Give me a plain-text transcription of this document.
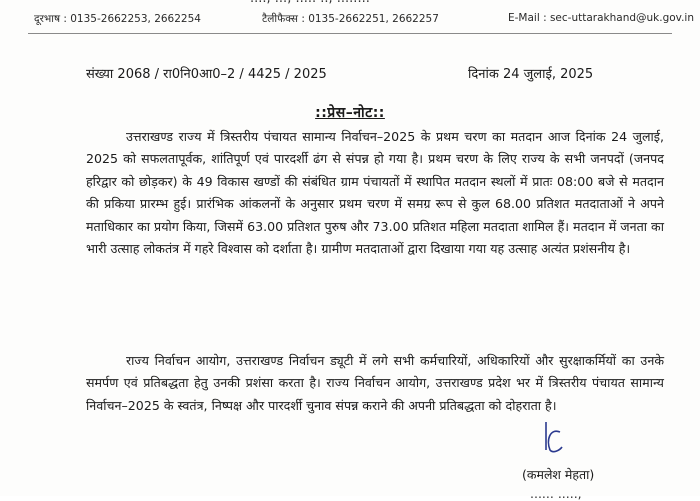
दूरभाष : 0135-2662253, 2662254	टैलीफैक्स : 0135-2662251, 2662257	E-Mail : sec-uttarakhand@uk.gov.in
संख्या 2068 / रा0नि0आ0–2 / 4425 / 2025	दिनांक 24 जुलाई, 2025
::प्रेस–नोट::

उत्तराखण्ड राज्य में त्रिस्तरीय पंचायत सामान्य निर्वाचन–2025 के प्रथम चरण का मतदान आज दिनांक 24 जुलाई, 2025 को सफलतापूर्वक, शांतिपूर्ण एवं पारदर्शी ढंग से संपन्न हो गया है। प्रथम चरण के लिए राज्य के सभी जनपदों (जनपद हरिद्वार को छोड़कर) के 49 विकास खण्डों की संबंधित ग्राम पंचायतों में स्थापित मतदान स्थलों में प्रातः 08:00 बजे से मतदान की प्रकिया प्रारम्भ हुई। प्रारंभिक आंकलनों के अनुसार प्रथम चरण में समग्र रूप से कुल 68.00 प्रतिशत मतदाताओं ने अपने मताधिकार का प्रयोग किया, जिसमें 63.00 प्रतिशत पुरुष और 73.00 प्रतिशत महिला मतदाता शामिल हैं। मतदान में जनता का भारी उत्साह लोकतंत्र में गहरे विश्वास को दर्शाता है। ग्रामीण मतदाताओं द्वारा दिखाया गया यह उत्साह अत्यंत प्रशंसनीय है।

राज्य निर्वाचन आयोग, उत्तराखण्ड निर्वाचन ड्यूटी में लगे सभी कर्मचारियों, अधिकारियों और सुरक्षाकर्मियों का उनके समर्पण एवं प्रतिबद्धता हेतु उनकी प्रशंसा करता है। राज्य निर्वाचन आयोग, उत्तराखण्ड प्रदेश भर में त्रिस्तरीय पंचायत सामान्य निर्वाचन–2025 के स्वतंत्र, निष्पक्ष और पारदर्शी चुनाव संपन्न कराने की अपनी प्रतिबद्धता को दोहराता है।

(कमलेश मेहता)
...... .....,
